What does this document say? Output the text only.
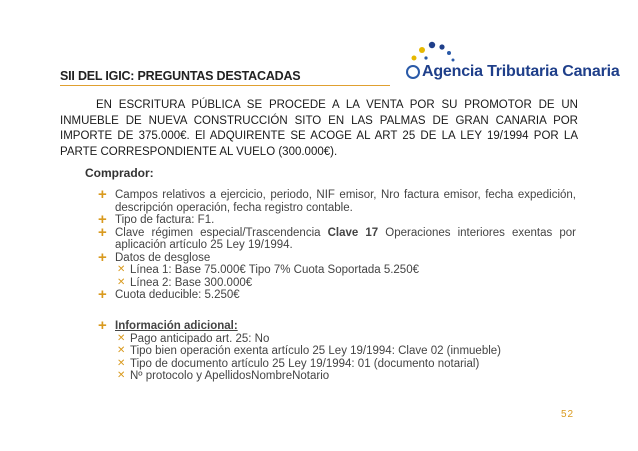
SII DEL IGIC: PREGUNTAS DESTACADAS	Agencia Tributaria Canaria
EN ESCRITURA PÚBLICA SE PROCEDE A LA VENTA POR SU PROMOTOR DE UN INMUEBLE DE NUEVA CONSTRUCCIÓN SITO EN LAS PALMAS DE GRAN CANARIA POR IMPORTE DE 375.000€. El ADQUIRENTE SE ACOGE AL ART 25 DE LA LEY 19/1994 POR LA PARTE CORRESPONDIENTE AL VUELO (300.000€).
Comprador:
+ Campos relativos a ejercicio, periodo, NIF emisor, Nro factura emisor, fecha expedición, descripción operación, fecha registro contable.
+ Tipo de factura: F1.
+ Clave régimen especial/Trascendencia Clave 17 Operaciones interiores exentas por aplicación artículo 25 Ley 19/1994.
+ Datos de desglose
✕ Línea 1: Base 75.000€ Tipo 7% Cuota Soportada 5.250€
✕ Línea 2: Base 300.000€
+ Cuota deducible: 5.250€
+ Información adicional:
✕ Pago anticipado art. 25: No
✕ Tipo bien operación exenta artículo 25 Ley 19/1994: Clave 02 (inmueble)
✕ Tipo de documento artículo 25 Ley 19/1994: 01 (documento notarial)
✕ Nº protocolo y ApellidosNombreNotario
52
